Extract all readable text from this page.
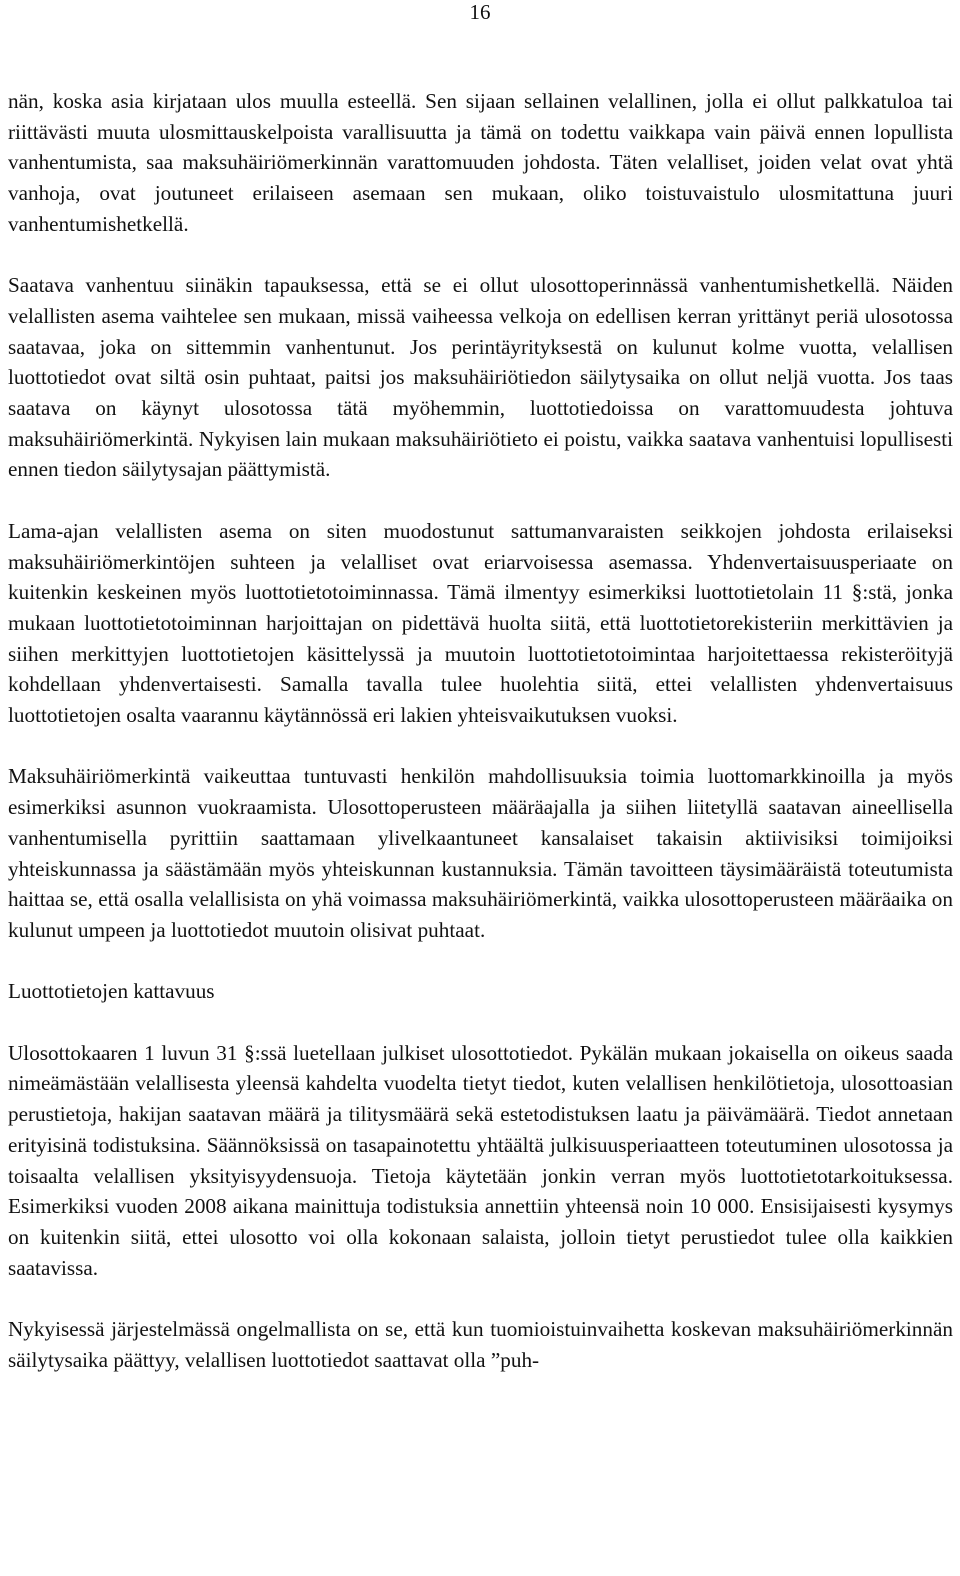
16

nän, koska asia kirjataan ulos muulla esteellä. Sen sijaan sellainen velallinen, jolla ei ollut palkkatuloa tai riittävästi muuta ulosmittauskelpoista varallisuutta ja tämä on todettu vaikkapa vain päivä ennen lopullista vanhentumista, saa maksuhäiriömerkinnän varattomuuden johdosta. Täten velalliset, joiden velat ovat yhtä vanhoja, ovat joutuneet erilaiseen asemaan sen mukaan, oliko toistuvaistulo ulosmitattuna juuri vanhentumishetkellä.

Saatava vanhentuu siinäkin tapauksessa, että se ei ollut ulosottoperinnässä vanhentumishetkellä. Näiden velallisten asema vaihtelee sen mukaan, missä vaiheessa velkoja on edellisen kerran yrittänyt periä ulosotossa saatavaa, joka on sittemmin vanhentunut. Jos perintäyrityksestä on kulunut kolme vuotta, velallisen luottotiedot ovat siltä osin puhtaat, paitsi jos maksuhäiriötiedon säilytysaika on ollut neljä vuotta. Jos taas saatava on käynyt ulosotossa tätä myöhemmin, luottotiedoissa on varattomuudesta johtuva maksuhäiriömerkintä. Nykyisen lain mukaan maksuhäiriötieto ei poistu, vaikka saatava vanhentuisi lopullisesti ennen tiedon säilytysajan päättymistä.

Lama-ajan velallisten asema on siten muodostunut sattumanvaraisten seikkojen johdosta erilaiseksi maksuhäiriömerkintöjen suhteen ja velalliset ovat eriarvoisessa asemassa. Yhdenvertaisuusperiaate on kuitenkin keskeinen myös luottotietotoiminnassa. Tämä ilmentyy esimerkiksi luottotietolain 11 §:stä, jonka mukaan luottotietotoiminnan harjoittajan on pidettävä huolta siitä, että luottotietorekisteriin merkittävien ja siihen merkittyjen luottotietojen käsittelyssä ja muutoin luottotietotoimintaa harjoitettaessa rekisteröityjä kohdellaan yhdenvertaisesti. Samalla tavalla tulee huolehtia siitä, ettei velallisten yhdenvertaisuus luottotietojen osalta vaarannu käytännössä eri lakien yhteisvaikutuksen vuoksi.

Maksuhäiriömerkintä vaikeuttaa tuntuvasti henkilön mahdollisuuksia toimia luottomarkkinoilla ja myös esimerkiksi asunnon vuokraamista. Ulosottoperusteen määräajalla ja siihen liitetyllä saatavan aineellisella vanhentumisella pyrittiin saattamaan ylivelkaantuneet kansalaiset takaisin aktiivisiksi toimijoiksi yhteiskunnassa ja säästämään myös yhteiskunnan kustannuksia. Tämän tavoitteen täysimääräistä toteutumista haittaa se, että osalla velallisista on yhä voimassa maksuhäiriömerkintä, vaikka ulosottoperusteen määräaika on kulunut umpeen ja luottotiedot muutoin olisivat puhtaat.

Luottotietojen kattavuus

Ulosottokaaren 1 luvun 31 §:ssä luetellaan julkiset ulosottotiedot. Pykälän mukaan jokaisella on oikeus saada nimeämästään velallisesta yleensä kahdelta vuodelta tietyt tiedot, kuten velallisen henkilötietoja, ulosottoasian perustietoja, hakijan saatavan määrä ja tilitysmäärä sekä estetodistuksen laatu ja päivämäärä. Tiedot annetaan erityisinä todistuksina. Säännöksissä on tasapainotettu yhtäältä julkisuusperiaatteen toteutuminen ulosotossa ja toisaalta velallisen yksityisyydensuoja. Tietoja käytetään jonkin verran myös luottotietotarkoituksessa. Esimerkiksi vuoden 2008 aikana mainittuja todistuksia annettiin yhteensä noin 10 000. Ensisijaisesti kysymys on kuitenkin siitä, ettei ulosotto voi olla kokonaan salaista, jolloin tietyt perustiedot tulee olla kaikkien saatavissa.

Nykyisessä järjestelmässä ongelmallista on se, että kun tuomioistuinvaihetta koskevan maksuhäiriömerkinnän säilytysaika päättyy, velallisen luottotiedot saattavat olla ”puh-
